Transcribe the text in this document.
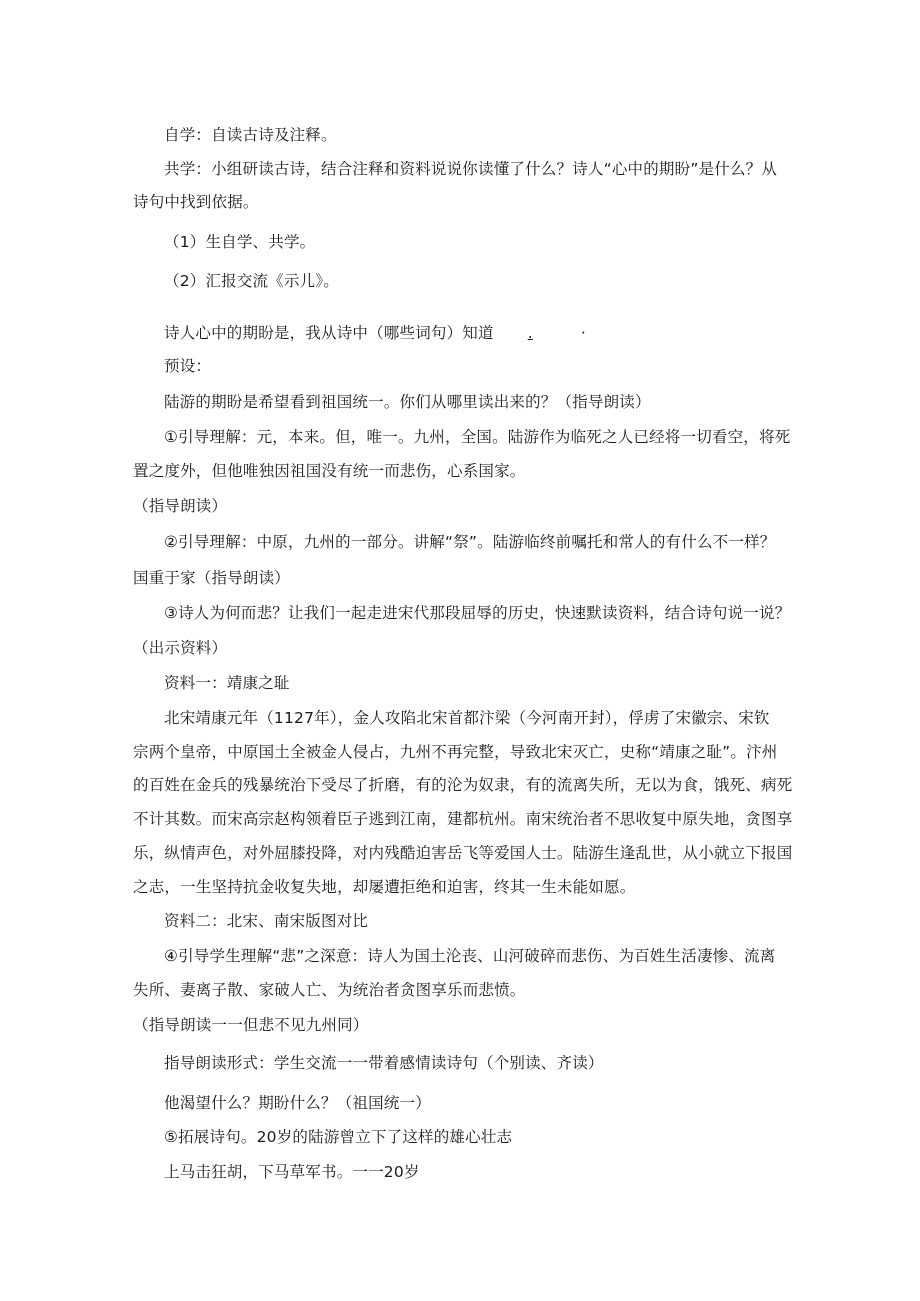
自学：自读古诗及注释。
共学：小组研读古诗，结合注释和资料说说你读懂了什么？诗人“心中的期盼”是什么？从
诗句中找到依据。
（1）生自学、共学。
（2）汇报交流《示儿》。
诗人心中的期盼是，我从诗中（哪些词句）知道 .	·
预设：
陆游的期盼是希望看到祖国统一。你们从哪里读出来的？（指导朗读）
①引导理解：元，本来。但，唯一。九州，全国。陆游作为临死之人已经将一切看空，将死
置之度外，但他唯独因祖国没有统一而悲伤，心系国家。
（指导朗读）
②引导理解：中原，九州的一部分。讲解“祭”。陆游临终前嘱托和常人的有什么不一样？
国重于家（指导朗读）
③诗人为何而悲？让我们一起走进宋代那段屈辱的历史，快速默读资料，结合诗句说一说？
（出示资料）
资料一：靖康之耻
北宋靖康元年（1127年），金人攻陷北宋首都汴梁（今河南开封），俘虏了宋徽宗、宋钦
宗两个皇帝，中原国土全被金人侵占，九州不再完整，导致北宋灭亡，史称“靖康之耻”。汴州
的百姓在金兵的残暴统治下受尽了折磨，有的沦为奴隶，有的流离失所，无以为食，饿死、病死
不计其数。而宋高宗赵构领着臣子逃到江南，建都杭州。南宋统治者不思收复中原失地，贪图享
乐，纵情声色，对外屈膝投降，对内残酷迫害岳飞等爱国人士。陆游生逢乱世，从小就立下报国
之志，一生坚持抗金收复失地，却屡遭拒绝和迫害，终其一生未能如愿。
资料二：北宋、南宋版图对比
④引导学生理解“悲”之深意：诗人为国土沦丧、山河破碎而悲伤、为百姓生活凄惨、流离
失所、妻离子散、家破人亡、为统治者贪图享乐而悲愤。
（指导朗读一一但悲不见九州同）
指导朗读形式：学生交流一一带着感情读诗句（个别读、齐读）
他渴望什么？期盼什么？（祖国统一）
⑤拓展诗句。20岁的陆游曾立下了这样的雄心壮志
上马击狂胡，下马草军书。一一20岁
